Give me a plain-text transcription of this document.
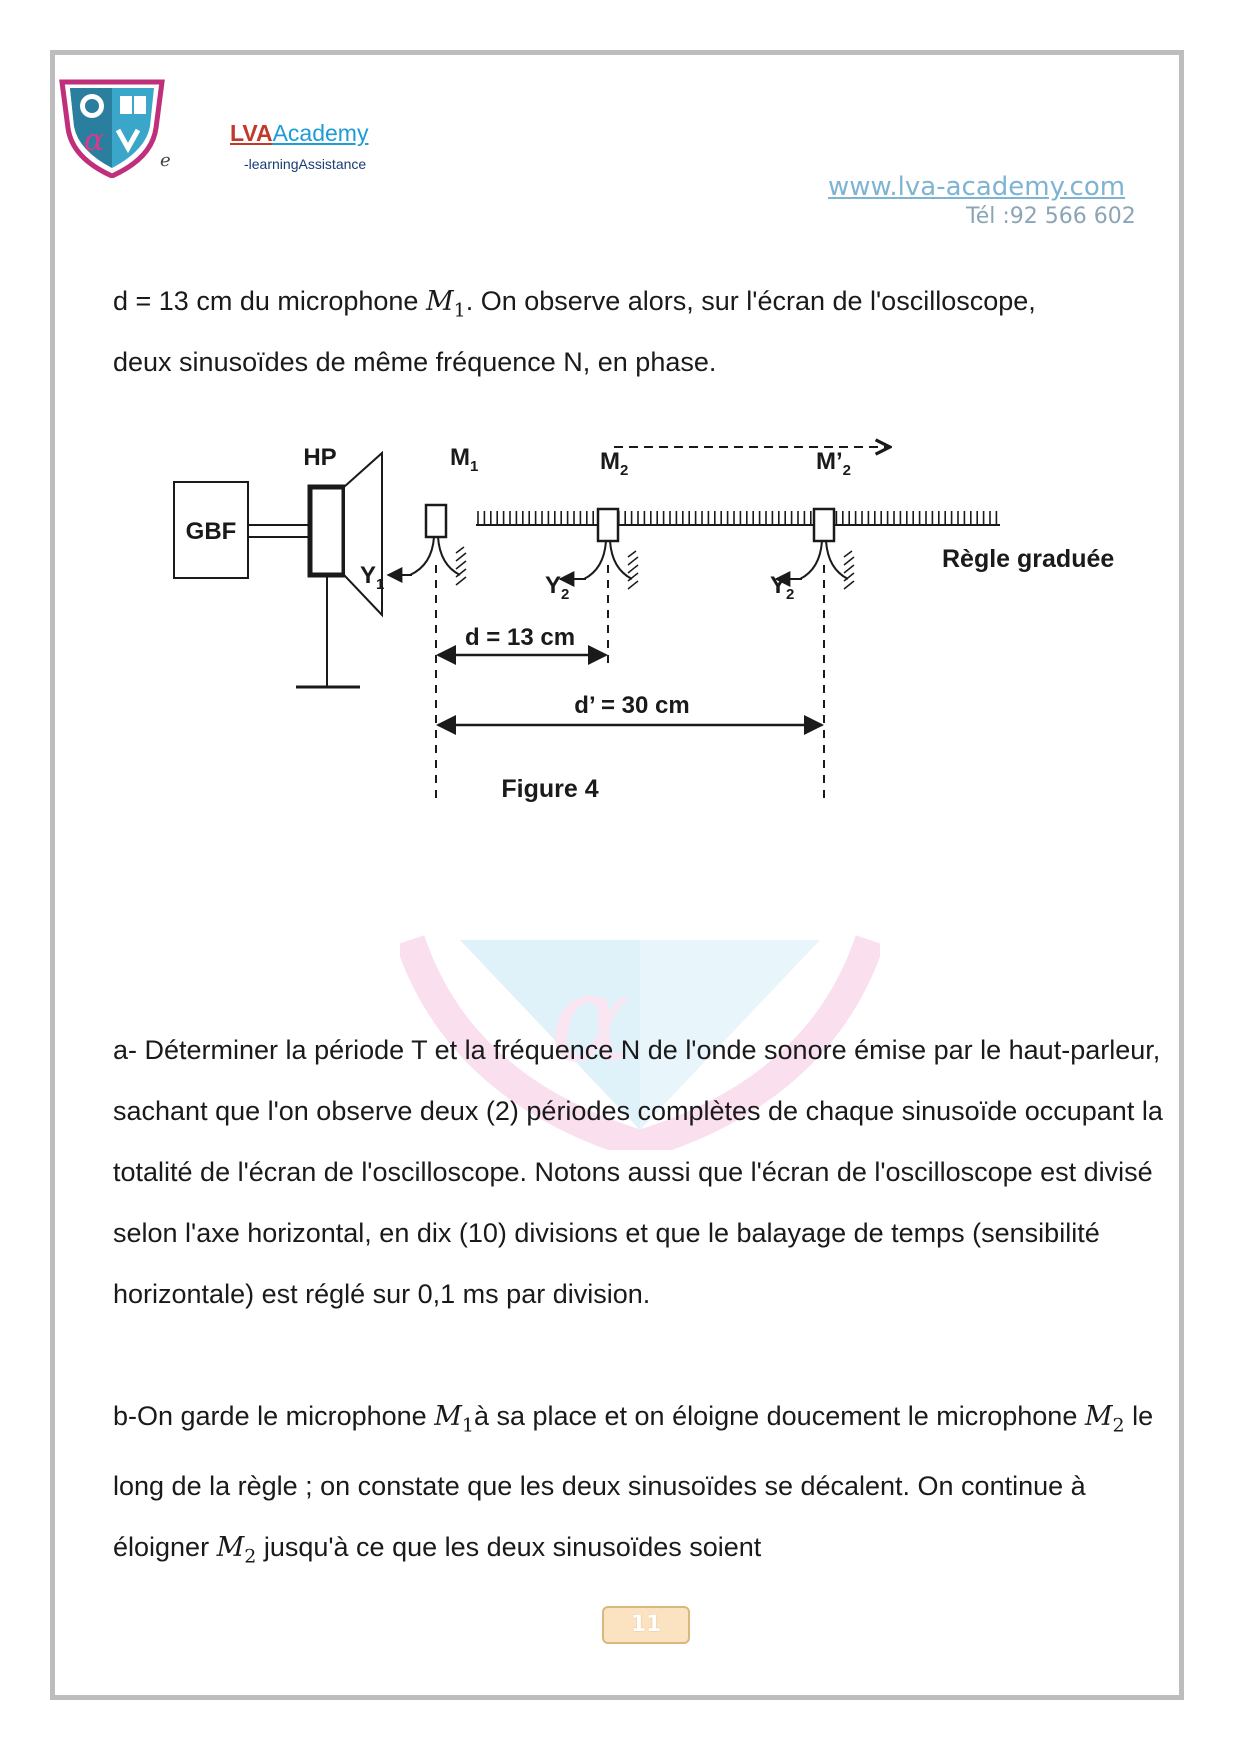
α
e
LVAAcademy
-learningAssistance
www.lva-academy.com
Tél :92 566 602

d = 13 cm du microphone $M_1$. On observe alors, sur l'écran de l'oscilloscope,

deux sinusoïdes de même fréquence N, en phase.

GBF
HP
Règle graduée
$M_1$
$Y_1$
$M_2$
$Y_2$
$M’_2$
$Y_2$
d = 13 cm
d’ = 30 cm
Figure 4
α

a- Déterminer la période T et la fréquence N de l'onde sonore émise par le haut-parleur, sachant que l'on observe deux (2) périodes complètes de chaque sinusoïde occupant la totalité de l'écran de l'oscilloscope. Notons aussi que l'écran de l'oscilloscope est divisé selon l'axe horizontal, en dix (10) divisions et que le balayage de temps (sensibilité horizontale) est réglé sur 0,1 ms par division.

b-On garde le microphone $M_1à$ sa place et on éloigne doucement le microphone $M_2$ le long de la règle ; on constate que les deux sinusoïdes se décalent. On continue à éloigner $M_2$ jusqu'à ce que les deux sinusoïdes soient

11
